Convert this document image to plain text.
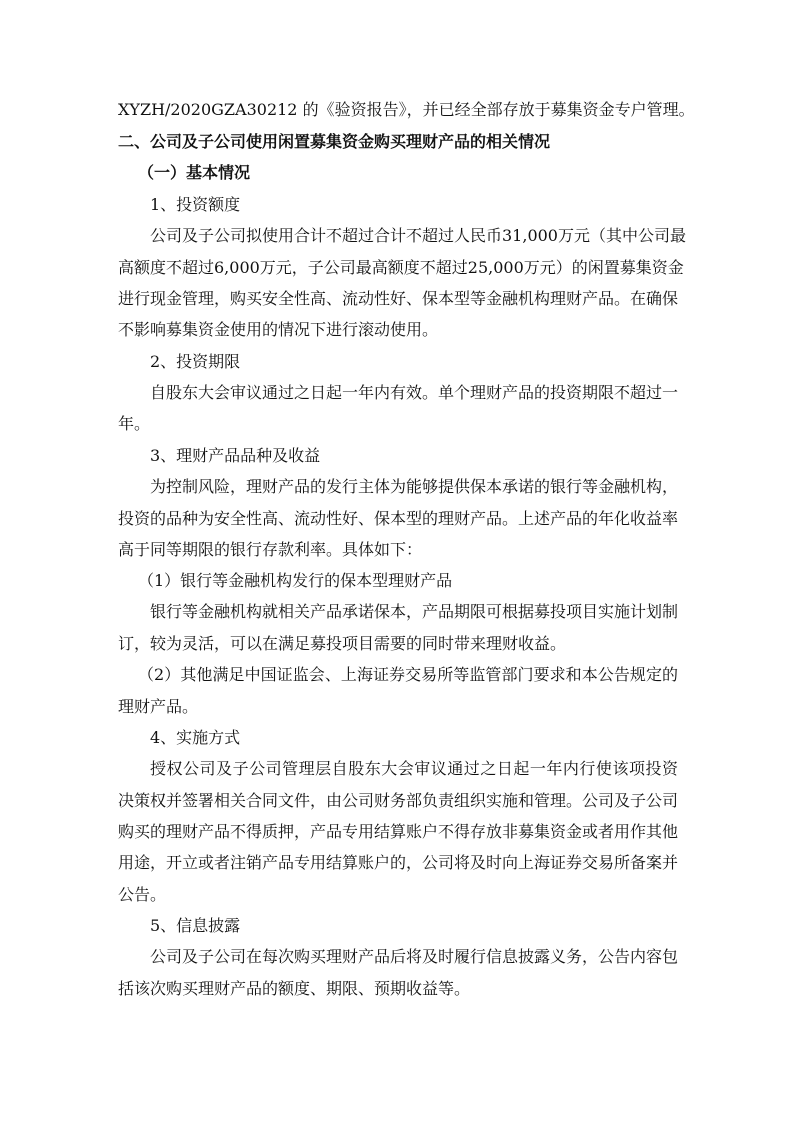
XYZH/2020GZA30212 的《验资报告》，并已经全部存放于募集资金专户管理。
二、公司及子公司使用闲置募集资金购买理财产品的相关情况
（一）基本情况
1、投资额度
公司及子公司拟使用合计不超过合计不超过人民币31,000万元（其中公司最
高额度不超过6,000万元，子公司最高额度不超过25,000万元）的闲置募集资金
进行现金管理，购买安全性高、流动性好、保本型等金融机构理财产品。在确保
不影响募集资金使用的情况下进行滚动使用。
2、投资期限
自股东大会审议通过之日起一年内有效。单个理财产品的投资期限不超过一
年。
3、理财产品品种及收益
为控制风险，理财产品的发行主体为能够提供保本承诺的银行等金融机构，
投资的品种为安全性高、流动性好、保本型的理财产品。上述产品的年化收益率
高于同等期限的银行存款利率。具体如下：
（1）银行等金融机构发行的保本型理财产品
银行等金融机构就相关产品承诺保本，产品期限可根据募投项目实施计划制
订，较为灵活，可以在满足募投项目需要的同时带来理财收益。
（2）其他满足中国证监会、上海证券交易所等监管部门要求和本公告规定的
理财产品。
4、实施方式
授权公司及子公司管理层自股东大会审议通过之日起一年内行使该项投资
决策权并签署相关合同文件，由公司财务部负责组织实施和管理。公司及子公司
购买的理财产品不得质押，产品专用结算账户不得存放非募集资金或者用作其他
用途，开立或者注销产品专用结算账户的，公司将及时向上海证券交易所备案并
公告。
5、信息披露
公司及子公司在每次购买理财产品后将及时履行信息披露义务，公告内容包
括该次购买理财产品的额度、期限、预期收益等。
